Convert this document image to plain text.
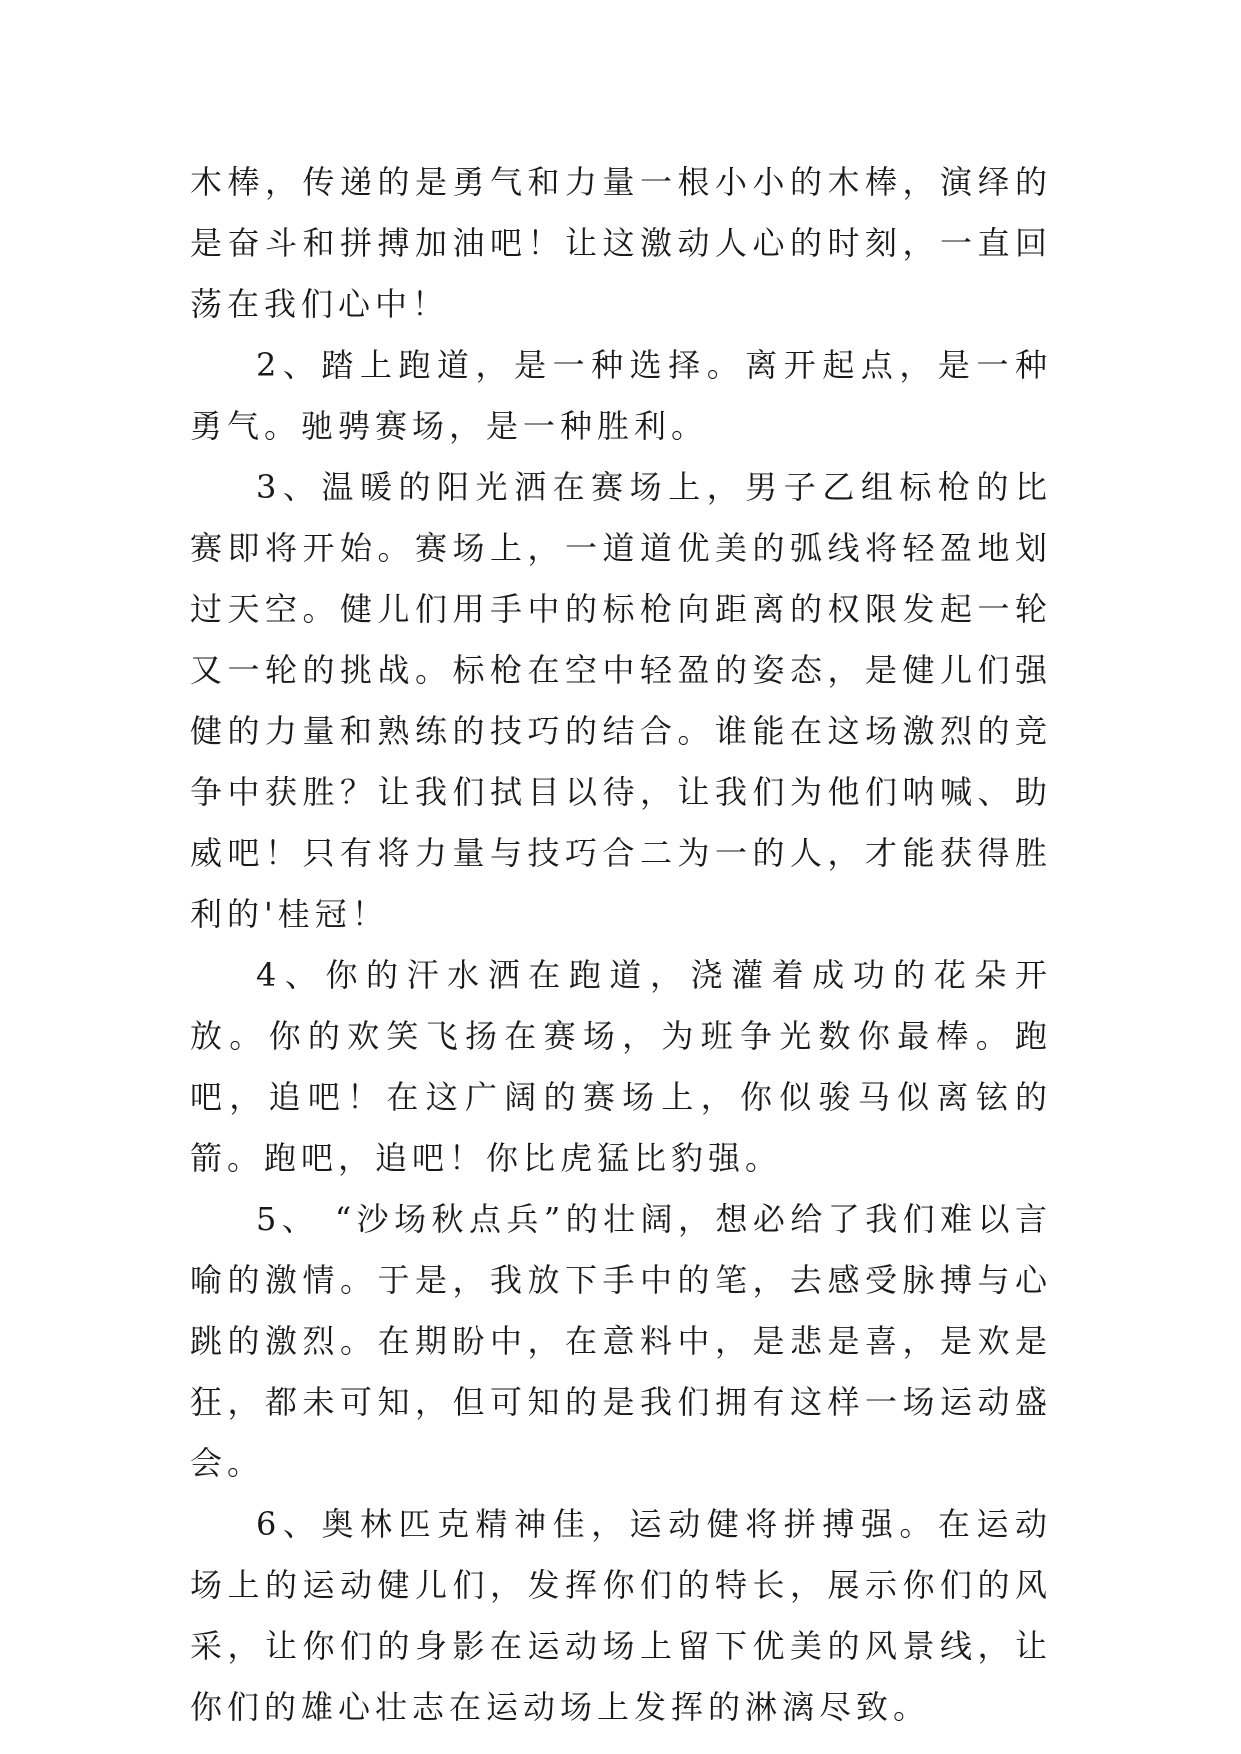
木棒，传递的是勇气和力量一根小小的木棒，演绎的是奋斗和拼搏加油吧！让这激动人心的时刻，一直回荡在我们心中！

2、踏上跑道，是一种选择。离开起点，是一种勇气。驰骋赛场，是一种胜利。

3、温暖的阳光洒在赛场上，男子乙组标枪的比赛即将开始。赛场上，一道道优美的弧线将轻盈地划过天空。健儿们用手中的标枪向距离的权限发起一轮又一轮的挑战。标枪在空中轻盈的姿态，是健儿们强健的力量和熟练的技巧的结合。谁能在这场激烈的竞争中获胜？让我们拭目以待，让我们为他们呐喊、助威吧！只有将力量与技巧合二为一的人，才能获得胜利的'桂冠！

4、你的汗水洒在跑道，浇灌着成功的花朵开放。你的欢笑飞扬在赛场，为班争光数你最棒。跑吧，追吧！在这广阔的赛场上，你似骏马似离铉的箭。跑吧，追吧！你比虎猛比豹强。

5、 “沙场秋点兵”的壮阔，想必给了我们难以言喻的激情。于是，我放下手中的笔，去感受脉搏与心跳的激烈。在期盼中，在意料中，是悲是喜，是欢是狂，都未可知，但可知的是我们拥有这样一场运动盛会。

6、奥林匹克精神佳，运动健将拼搏强。在运动场上的运动健儿们，发挥你们的特长，展示你们的风采，让你们的身影在运动场上留下优美的风景线，让你们的雄心壮志在运动场上发挥的淋漓尽致。
